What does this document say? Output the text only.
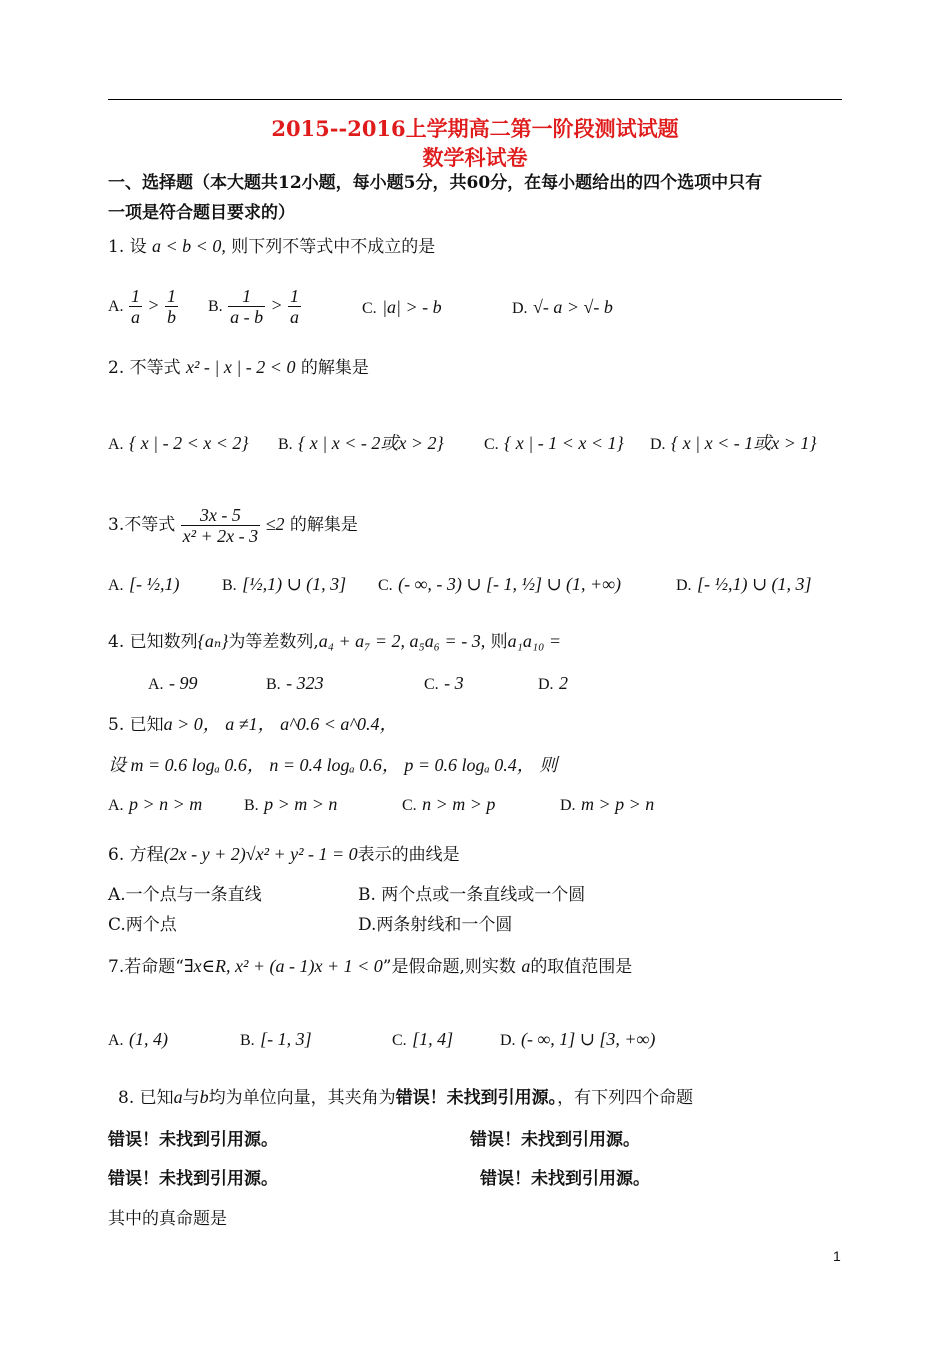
2015--2016上学期高二第一阶段测试试题
数学科试卷
一、选择题（本大题共12小题，每小题5分，共60分，在每小题给出的四个选项中只有
一项是符合题目要求的）
1. 设 a < b < 0, 则下列不等式中不成立的是
A. $\frac{1}{a} > \frac{1}{b} B$. $\frac{1}{a - b} > \frac{1}{a}$	C. |a| > - b	D. √- a > √- b
2. 不等式 x² - | x | - 2 < 0 的解集是
A. { x | - 2 < x < 2} B. { x | x < - 2或x > 2}	C. { x | - 1 < x < 1} D. { x | x < - 1或x > 1}
3.不等式 $\frac{3x - 5}{\text{x² + 2x - 3}} \le 2$ 的解集是
A. [- ½,1)	B. [½,1) ∪ (1, 3] C. (- ∞, - 3) ∪ [- 1, ½] ∪ (1, +∞)	D. [- ½,1) ∪ (1, 3]
4. 已知数列{aₙ}为等差数列,a₄ + a₇ = 2, a₅a₆ = - 3, 则a₁a₁₀ =
A. - 99	B. - 323	C. - 3	D. 2
5. 已知a > 0， a ≠1， a^0.6 < a^0.4，
设 m = 0.6 logₐ 0.6， n = 0.4 logₐ 0.6， p = 0.6 logₐ 0.4， 则
A. p > n > m	B. p > m > n	C. n > m > p	D. m > p > n
6. 方程(2x - y + 2)√x² + y² - 1 = 0表示的曲线是
A.一个点与一条直线	B. 两个点或一条直线或一个圆
C.两个点	D.两条射线和一个圆
7.若命题“∃x∈R, x² + (a - 1)x + 1 < 0”是假命题,则实数 a的取值范围是
A. (1, 4)	B. [- 1, 3]	C. [1, 4]	D. (- ∞, 1] ∪ [3, +∞)
8. 已知a与b均为单位向量，其夹角为错误！未找到引用源。，有下列四个命题
错误！未找到引用源。	错误！未找到引用源。
错误！未找到引用源。	错误！未找到引用源。
其中的真命题是
1
